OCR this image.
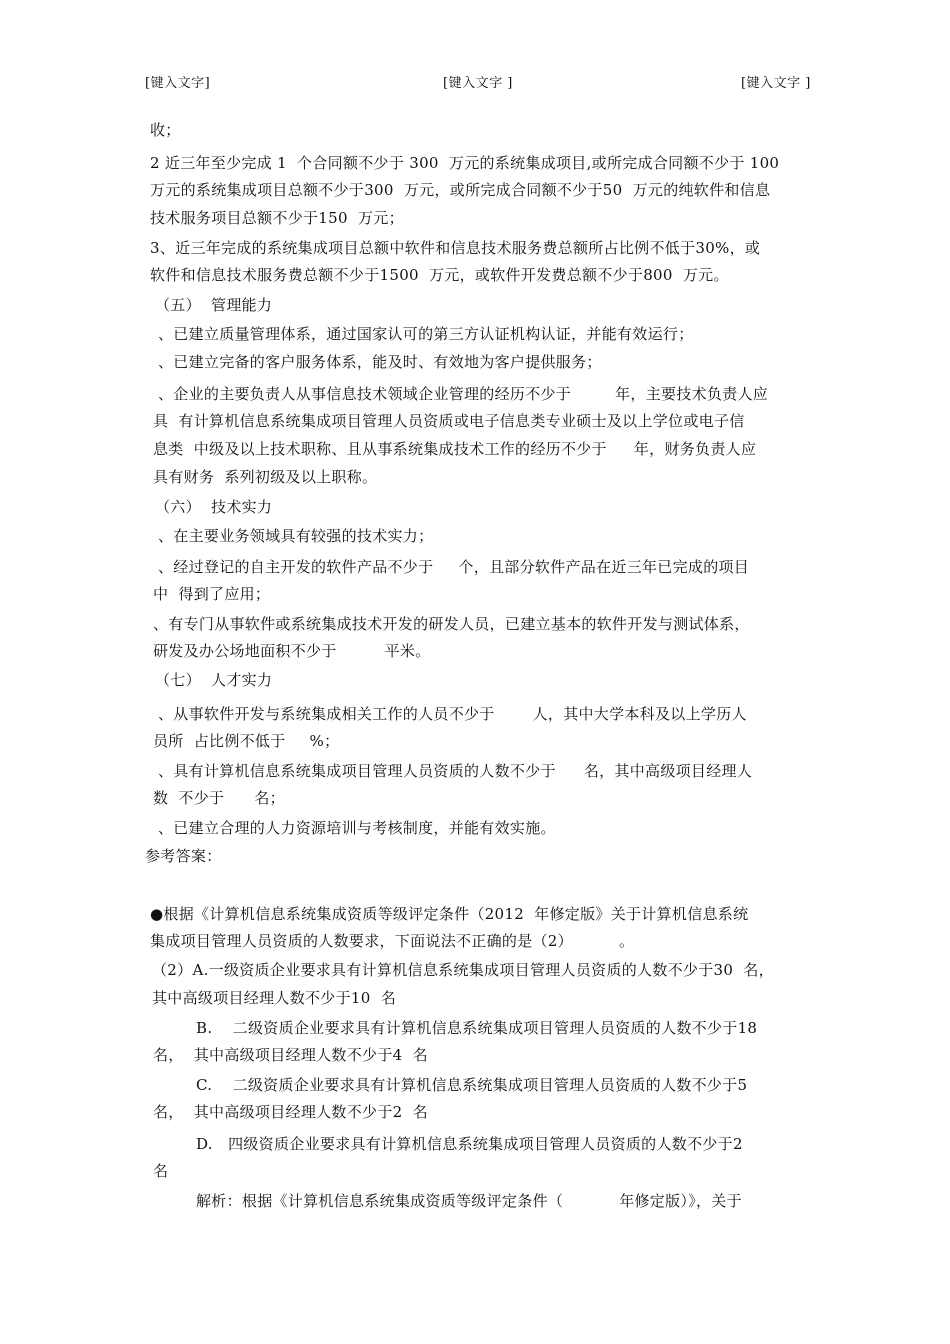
[键入文字]	[键入文字 ]	[键入文字 ]
收；
2 近三年至少完成 1  个合同额不少于 300  万元的系统集成项目,或所完成合同额不少于 100
万元的系统集成项目总额不少于300  万元，或所完成合同额不少于50  万元的纯软件和信息
技术服务项目总额不少于150  万元；
3、近三年完成的系统集成项目总额中软件和信息技术服务费总额所占比例不低于30%，或
软件和信息技术服务费总额不少于1500  万元，或软件开发费总额不少于800  万元。
（五）  管理能力
、已建立质量管理体系，通过国家认可的第三方认证机构认证，并能有效运行；
、已建立完备的客户服务体系，能及时、有效地为客户提供服务；
、企业的主要负责人从事信息技术领域企业管理的经历不少于	年，主要技术负责人应
具  有计算机信息系统集成项目管理人员资质或电子信息类专业硕士及以上学位或电子信
息类  中级及以上技术职称、且从事系统集成技术工作的经历不少于 年，财务负责人应
具有财务  系列初级及以上职称。
（六）  技术实力
、在主要业务领域具有较强的技术实力；
、经过登记的自主开发的软件产品不少于 个，且部分软件产品在近三年已完成的项目
中  得到了应用；
、有专门从事软件或系统集成技术开发的研发人员，已建立基本的软件开发与测试体系，
研发及办公场地面积不少于	平米。
（七）  人才实力
、从事软件开发与系统集成相关工作的人员不少于	人，其中大学本科及以上学历人
员所  占比例不低于 %；
、具有计算机信息系统集成项目管理人员资质的人数不少于 名，其中高级项目经理人
数  不少于 名；
、已建立合理的人力资源培训与考核制度，并能有效实施。
参考答案：
●根据《计算机信息系统集成资质等级评定条件（2012  年修定版》关于计算机信息系统
集成项目管理人员资质的人数要求，下面说法不正确的是（2）	。
（2）A.一级资质企业要求具有计算机信息系统集成项目管理人员资质的人数不少于30  名，
其中高级项目经理人数不少于10  名
B.    二级资质企业要求具有计算机信息系统集成项目管理人员资质的人数不少于18
名，  其中高级项目经理人数不少于4  名
C.    二级资质企业要求具有计算机信息系统集成项目管理人员资质的人数不少于5
名，  其中高级项目经理人数不少于2  名
D.   四级资质企业要求具有计算机信息系统集成项目管理人员资质的人数不少于2
名
解析：根据《计算机信息系统集成资质等级评定条件（	年修定版）》，关于
